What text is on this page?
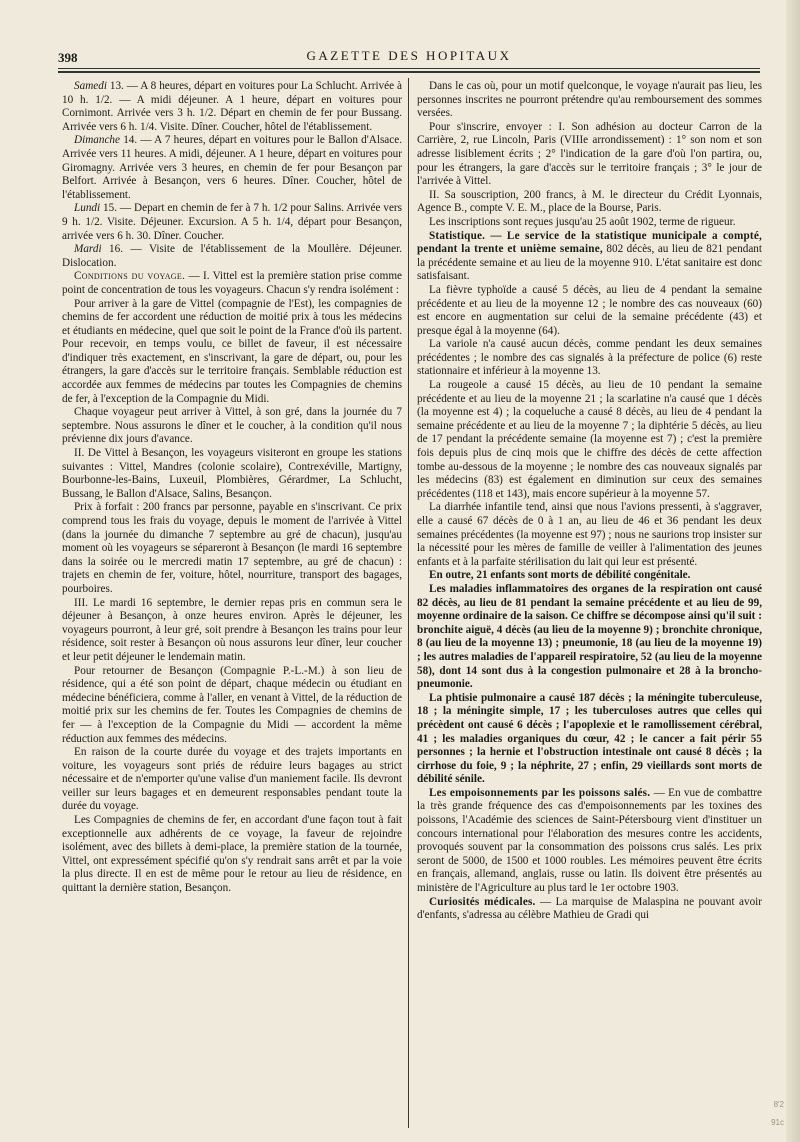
398	GAZETTE DES HOPITAUX

Samedi 13. — A 8 heures, départ en voitures pour La Schlucht. Arrivée à 10 h. 1/2. — A midi déjeuner. A 1 heure, départ en voitures pour Cornimont. Arrivée vers 3 h. 1/2. Départ en chemin de fer pour Bussang. Arrivée vers 6 h. 1/4. Visite. Dîner. Coucher, hôtel de l'établissement.

Dimanche 14. — A 7 heures, départ en voitures pour le Ballon d'Alsace. Arrivée vers 11 heures. A midi, déjeuner. A 1 heure, départ en voitures pour Giromagny. Arrivée vers 3 heures, en chemin de fer pour Besançon par Belfort. Arrivée à Besançon, vers 6 heures. Dîner. Coucher, hôtel de l'établissement.

Lundi 15. — Depart en chemin de fer à 7 h. 1/2 pour Salins. Arrivée vers 9 h. 1/2. Visite. Déjeuner. Excursion. A 5 h. 1/4, départ pour Besançon, arrivée vers 6 h. 30. Dîner. Coucher.

Mardi 16. — Visite de l'établissement de la Moullère. Déjeuner. Dislocation.

Conditions du voyage. — I. Vittel est la première station prise comme point de concentration de tous les voyageurs. Chacun s'y rendra isolément :

Pour arriver à la gare de Vittel (compagnie de l'Est), les compagnies de chemins de fer accordent une réduction de moitié prix à tous les médecins et étudiants en médecine, quel que soit le point de la France d'où ils partent. Pour recevoir, en temps voulu, ce billet de faveur, il est nécessaire d'indiquer très exactement, en s'inscrivant, la gare de départ, ou, pour les étrangers, la gare d'accès sur le territoire français. Semblable réduction est accordée aux femmes de médecins par toutes les Compagnies de chemins de fer, à l'exception de la Compagnie du Midi.

Chaque voyageur peut arriver à Vittel, à son gré, dans la journée du 7 septembre. Nous assurons le dîner et le coucher, à la condition qu'il nous prévienne dix jours d'avance.

II. De Vittel à Besançon, les voyageurs visiteront en groupe les stations suivantes : Vittel, Mandres (colonie scolaire), Contrexéville, Martigny, Bourbonne-les-Bains, Luxeuil, Plombières, Gérardmer, La Schlucht, Bussang, le Ballon d'Alsace, Salins, Besançon.

Prix à forfait : 200 francs par personne, payable en s'inscrivant. Ce prix comprend tous les frais du voyage, depuis le moment de l'arrivée à Vittel (dans la journée du dimanche 7 septembre au gré de chacun), jusqu'au moment où les voyageurs se sépareront à Besançon (le mardi 16 septembre dans la soirée ou le mercredi matin 17 septembre, au gré de chacun) : trajets en chemin de fer, voiture, hôtel, nourriture, transport des bagages, pourboires.

III. Le mardi 16 septembre, le dernier repas pris en commun sera le déjeuner à Besançon, à onze heures environ. Après le déjeuner, les voyageurs pourront, à leur gré, soit prendre à Besançon les trains pour leur résidence, soit rester à Besançon où nous assurons leur dîner, leur coucher et leur petit déjeuner le lendemain matin.

Pour retourner de Besançon (Compagnie P.-L.-M.) à son lieu de résidence, qui a été son point de départ, chaque médecin ou étudiant en médecine bénéficiera, comme à l'aller, en venant à Vittel, de la réduction de moitié prix sur les chemins de fer. Toutes les Compagnies de chemins de fer — à l'exception de la Compagnie du Midi — accordent la même réduction aux femmes des médecins.

En raison de la courte durée du voyage et des trajets importants en voiture, les voyageurs sont priés de réduire leurs bagages au strict nécessaire et de n'emporter qu'une valise d'un maniement facile. Ils devront veiller sur leurs bagages et en demeurent responsables pendant toute la durée du voyage.

Les Compagnies de chemins de fer, en accordant d'une façon tout à fait exceptionnelle aux adhérents de ce voyage, la faveur de rejoindre isolément, avec des billets à demi-place, la première station de la tournée, Vittel, ont expressément spécifié qu'on s'y rendrait sans arrêt et par la voie la plus directe. Il en est de même pour le retour au lieu de résidence, en quittant la dernière station, Besançon.

Dans le cas où, pour un motif quelconque, le voyage n'aurait pas lieu, les personnes inscrites ne pourront prétendre qu'au remboursement des sommes versées.

Pour s'inscrire, envoyer : I. Son adhésion au docteur Carron de la Carrière, 2, rue Lincoln, Paris (VIIIe arrondissement) : 1° son nom et son adresse lisiblement écrits ; 2° l'indication de la gare d'où l'on partira, ou, pour les étrangers, la gare d'accès sur le territoire français ; 3° le jour de l'arrivée à Vittel.

II. Sa souscription, 200 francs, à M. le directeur du Crédit Lyonnais, Agence B., compte V. E. M., place de la Bourse, Paris.

Les inscriptions sont reçues jusqu'au 25 août 1902, terme de rigueur.

Statistique. — Le service de la statistique municipale a compté, pendant la trente et unième semaine, 802 décès, au lieu de 821 pendant la précédente semaine et au lieu de la moyenne 910. L'état sanitaire est donc satisfaisant.

La fièvre typhoïde a causé 5 décès, au lieu de 4 pendant la semaine précédente et au lieu de la moyenne 12 ; le nombre des cas nouveaux (60) est encore en augmentation sur celui de la semaine précédente (43) et presque égal à la moyenne (64).

La variole n'a causé aucun décès, comme pendant les deux semaines précédentes ; le nombre des cas signalés à la préfecture de police (6) reste stationnaire et inférieur à la moyenne 13.

La rougeole a causé 15 décès, au lieu de 10 pendant la semaine précédente et au lieu de la moyenne 21 ; la scarlatine n'a causé que 1 décès (la moyenne est 4) ; la coqueluche a causé 8 décès, au lieu de 4 pendant la semaine précédente et au lieu de la moyenne 7 ; la diphtérie 5 décès, au lieu de 17 pendant la précédente semaine (la moyenne est 7) ; c'est la première fois depuis plus de cinq mois que le chiffre des décès de cette affection tombe au-dessous de la moyenne ; le nombre des cas nouveaux signalés par les médecins (83) est également en diminution sur ceux des semaines précédentes (118 et 143), mais encore supérieur à la moyenne 57.

La diarrhée infantile tend, ainsi que nous l'avions pressenti, à s'aggraver, elle a causé 67 décès de 0 à 1 an, au lieu de 46 et 36 pendant les deux semaines précédentes (la moyenne est 97) ; nous ne saurions trop insister sur la nécessité pour les mères de famille de veiller à l'alimentation des jeunes enfants et à la parfaite stérilisation du lait qui leur est présenté.

En outre, 21 enfants sont morts de débilité congénitale.

Les maladies inflammatoires des organes de la respiration ont causé 82 décès, au lieu de 81 pendant la semaine précédente et au lieu de 99, moyenne ordinaire de la saison. Ce chiffre se décompose ainsi qu'il suit : bronchite aiguë, 4 décès (au lieu de la moyenne 9) ; bronchite chronique, 8 (au lieu de la moyenne 13) ; pneumonie, 18 (au lieu de la moyenne 19) ; les autres maladies de l'appareil respiratoire, 52 (au lieu de la moyenne 58), dont 14 sont dus à la congestion pulmonaire et 28 à la broncho-pneumonie.

La phtisie pulmonaire a causé 187 décès ; la méningite tuberculeuse, 18 ; la méningite simple, 17 ; les tuberculoses autres que celles qui précèdent ont causé 6 décès ; l'apoplexie et le ramollissement cérébral, 41 ; les maladies organiques du cœur, 42 ; le cancer a fait périr 55 personnes ; la hernie et l'obstruction intestinale ont causé 8 décès ; la cirrhose du foie, 9 ; la néphrite, 27 ; enfin, 29 vieillards sont morts de débilité sénile.

Les empoisonnements par les poissons salés. — En vue de combattre la très grande fréquence des cas d'empoisonnements par les toxines des poissons, l'Académie des sciences de Saint-Pétersbourg vient d'instituer un concours international pour l'élaboration des mesures contre les accidents, provoqués souvent par la consommation des poissons crus salés. Les prix seront de 5000, de 1500 et 1000 roubles. Les mémoires peuvent être écrits en français, allemand, anglais, russe ou latin. Ils doivent être présentés au ministère de l'Agriculture au plus tard le 1er octobre 1903.

Curiosités médicales. — La marquise de Malaspina ne pouvant avoir d'enfants, s'adressa au célèbre Mathieu de Gradi qui

8'2
91c
